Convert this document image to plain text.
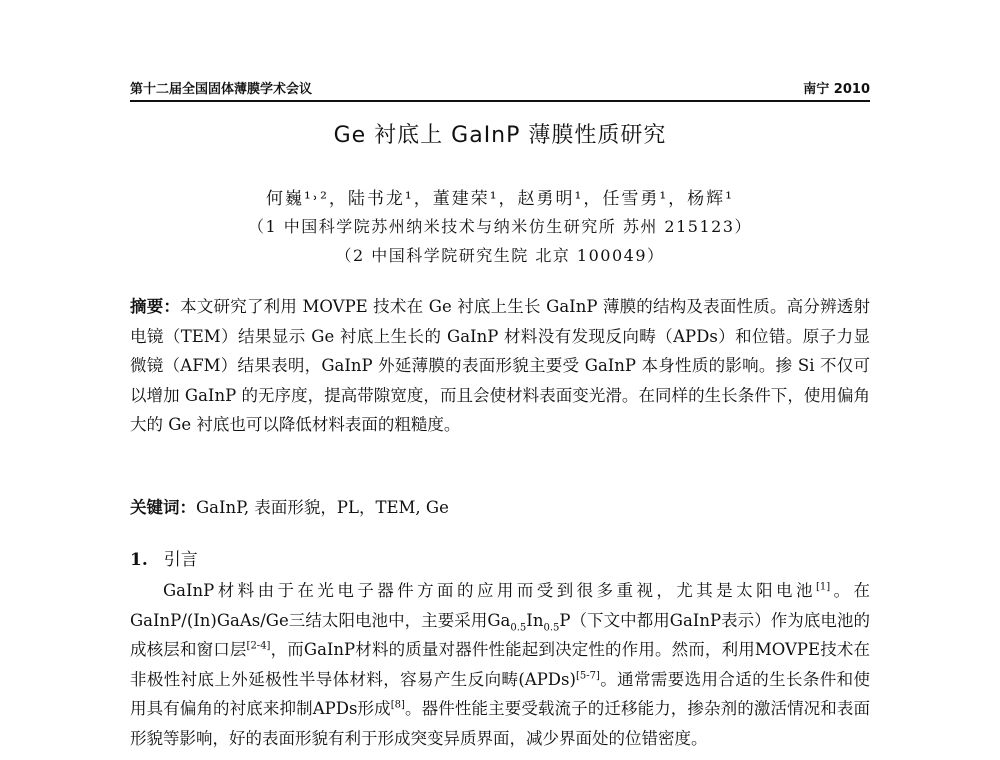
第十二届全国固体薄膜学术会议	南宁 2010
Ge 衬底上 GaInP 薄膜性质研究
何巍¹˒²，陆书龙¹，董建荣¹，赵勇明¹，任雪勇¹，杨辉¹
（1 中国科学院苏州纳米技术与纳米仿生研究所 苏州 215123）
（2 中国科学院研究生院 北京 100049）
摘要：本文研究了利用 MOVPE 技术在 Ge 衬底上生长 GaInP 薄膜的结构及表面性质。高分辨透射电镜（TEM）结果显示 Ge 衬底上生长的 GaInP 材料没有发现反向畴（APDs）和位错。原子力显微镜（AFM）结果表明，GaInP 外延薄膜的表面形貌主要受 GaInP 本身性质的影响。掺 Si 不仅可以增加 GaInP 的无序度，提高带隙宽度，而且会使材料表面变光滑。在同样的生长条件下，使用偏角大的 Ge 衬底也可以降低材料表面的粗糙度。
关键词：GaInP, 表面形貌，PL，TEM, Ge
1. 引言

GaInP材料由于在光电子器件方面的应用而受到很多重视，尤其是太阳电池[1]。在GaInP/(In)GaAs/Ge三结太阳电池中，主要采用$Ga_{0.5}In_{0.5}P$（下文中都用GaInP表示）作为底电池的成核层和窗口层[2-4]，而GaInP材料的质量对器件性能起到决定性的作用。然而，利用MOVPE技术在非极性衬底上外延极性半导体材料，容易产生反向畴(APDs)[5-7]。通常需要选用合适的生长条件和使用具有偏角的衬底来抑制APDs形成[8]。器件性能主要受载流子的迁移能力，掺杂剂的激活情况和表面形貌等影响，好的表面形貌有利于形成突变异质界面，减少界面处的位错密度。
